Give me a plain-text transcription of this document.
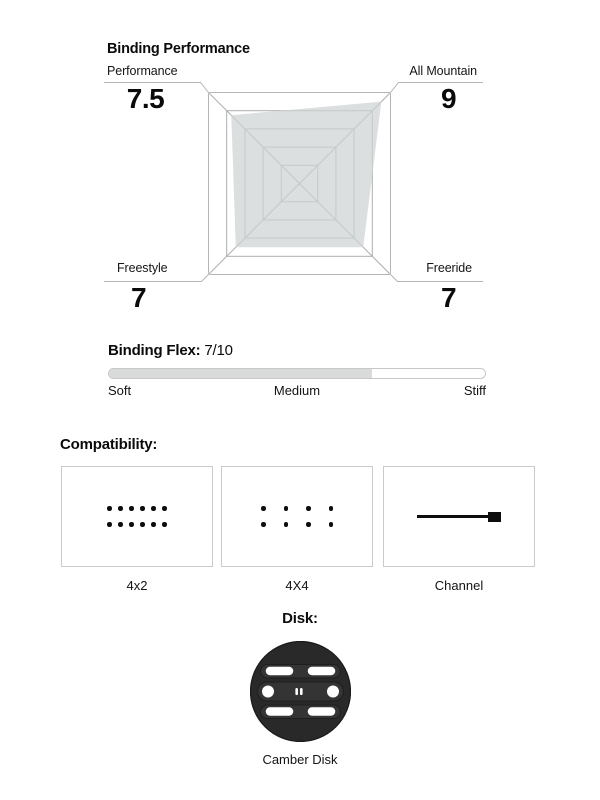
Binding Performance
Performance	All Mountain
Freestyle	Freeride
7.5	9
7	7
Binding Flex: 7/10
Soft	Medium	Stiff
Compatibility:
4x2	4X4	Channel
Disk:
Camber Disk
